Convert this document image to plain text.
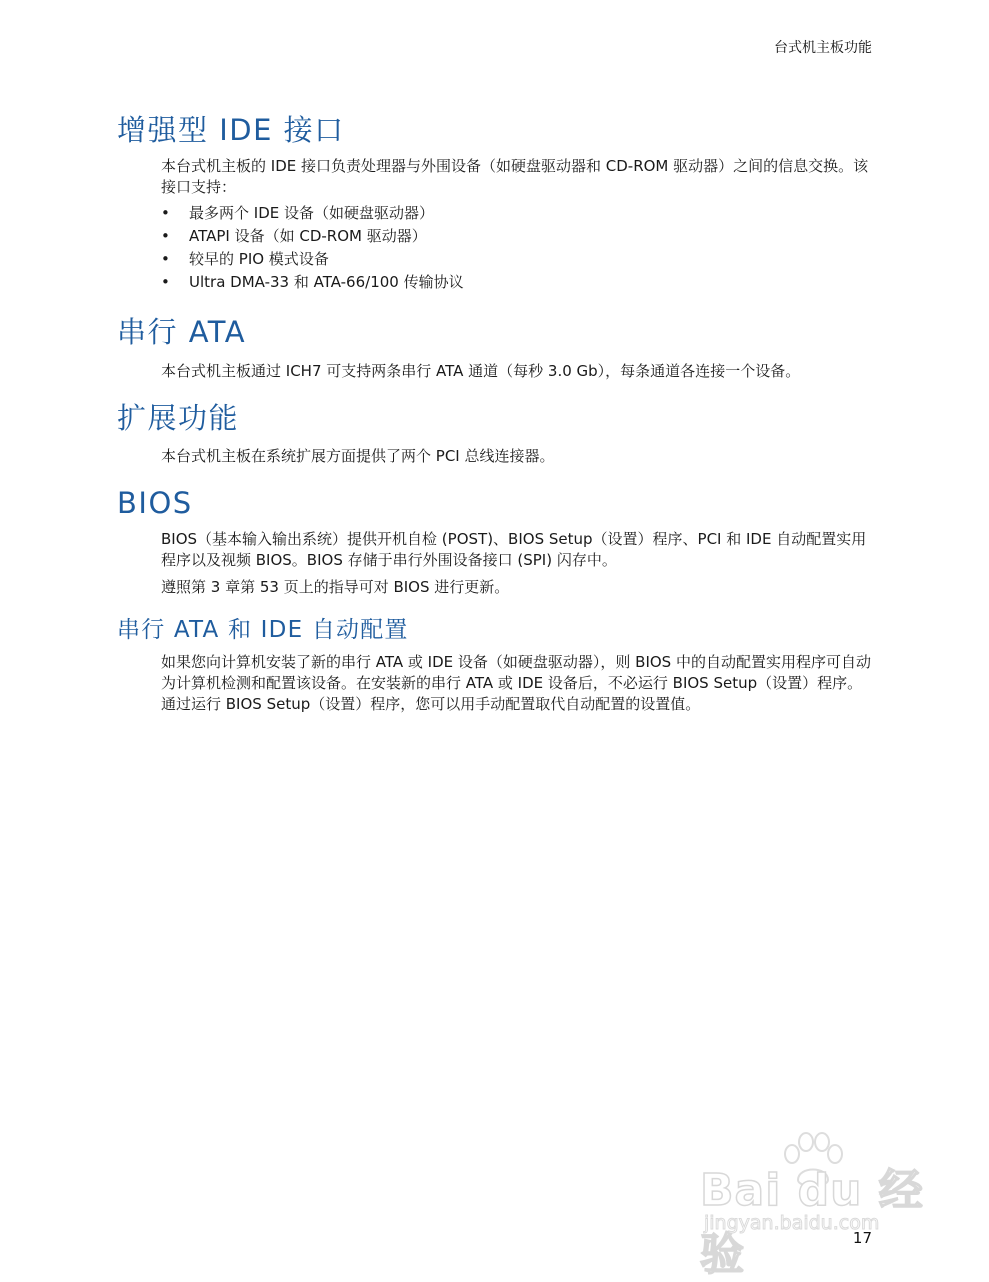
台式机主板功能
增强型 IDE 接口

本台式机主板的 IDE 接口负责处理器与外围设备（如硬盘驱动器和 CD-ROM 驱动器）之间的信息交换。该接口支持：

• 最多两个 IDE 设备（如硬盘驱动器）
• ATAPI 设备（如 CD-ROM 驱动器）
• 较早的 PIO 模式设备
• Ultra DMA-33 和 ATA-66/100 传输协议
串行 ATA

本台式机主板通过 ICH7 可支持两条串行 ATA 通道（每秒 3.0 Gb），每条通道各连接一个设备。

扩展功能

本台式机主板在系统扩展方面提供了两个 PCI 总线连接器。

BIOS

BIOS（基本输入输出系统）提供开机自检 (POST)、BIOS Setup（设置）程序、PCI 和 IDE 自动配置实用程序以及视频 BIOS。BIOS 存储于串行外围设备接口 (SPI) 闪存中。

遵照第 3 章第 53 页上的指导可对 BIOS 进行更新。

串行 ATA 和 IDE 自动配置

如果您向计算机安装了新的串行 ATA 或 IDE 设备（如硬盘驱动器），则 BIOS 中的自动配置实用程序可自动为计算机检测和配置该设备。在安装新的串行 ATA 或 IDE 设备后，不必运行 BIOS Setup（设置）程序。通过运行 BIOS Setup（设置）程序，您可以用手动配置取代自动配置的设置值。

Bai du 经验
jingyan.baidu.com
17
